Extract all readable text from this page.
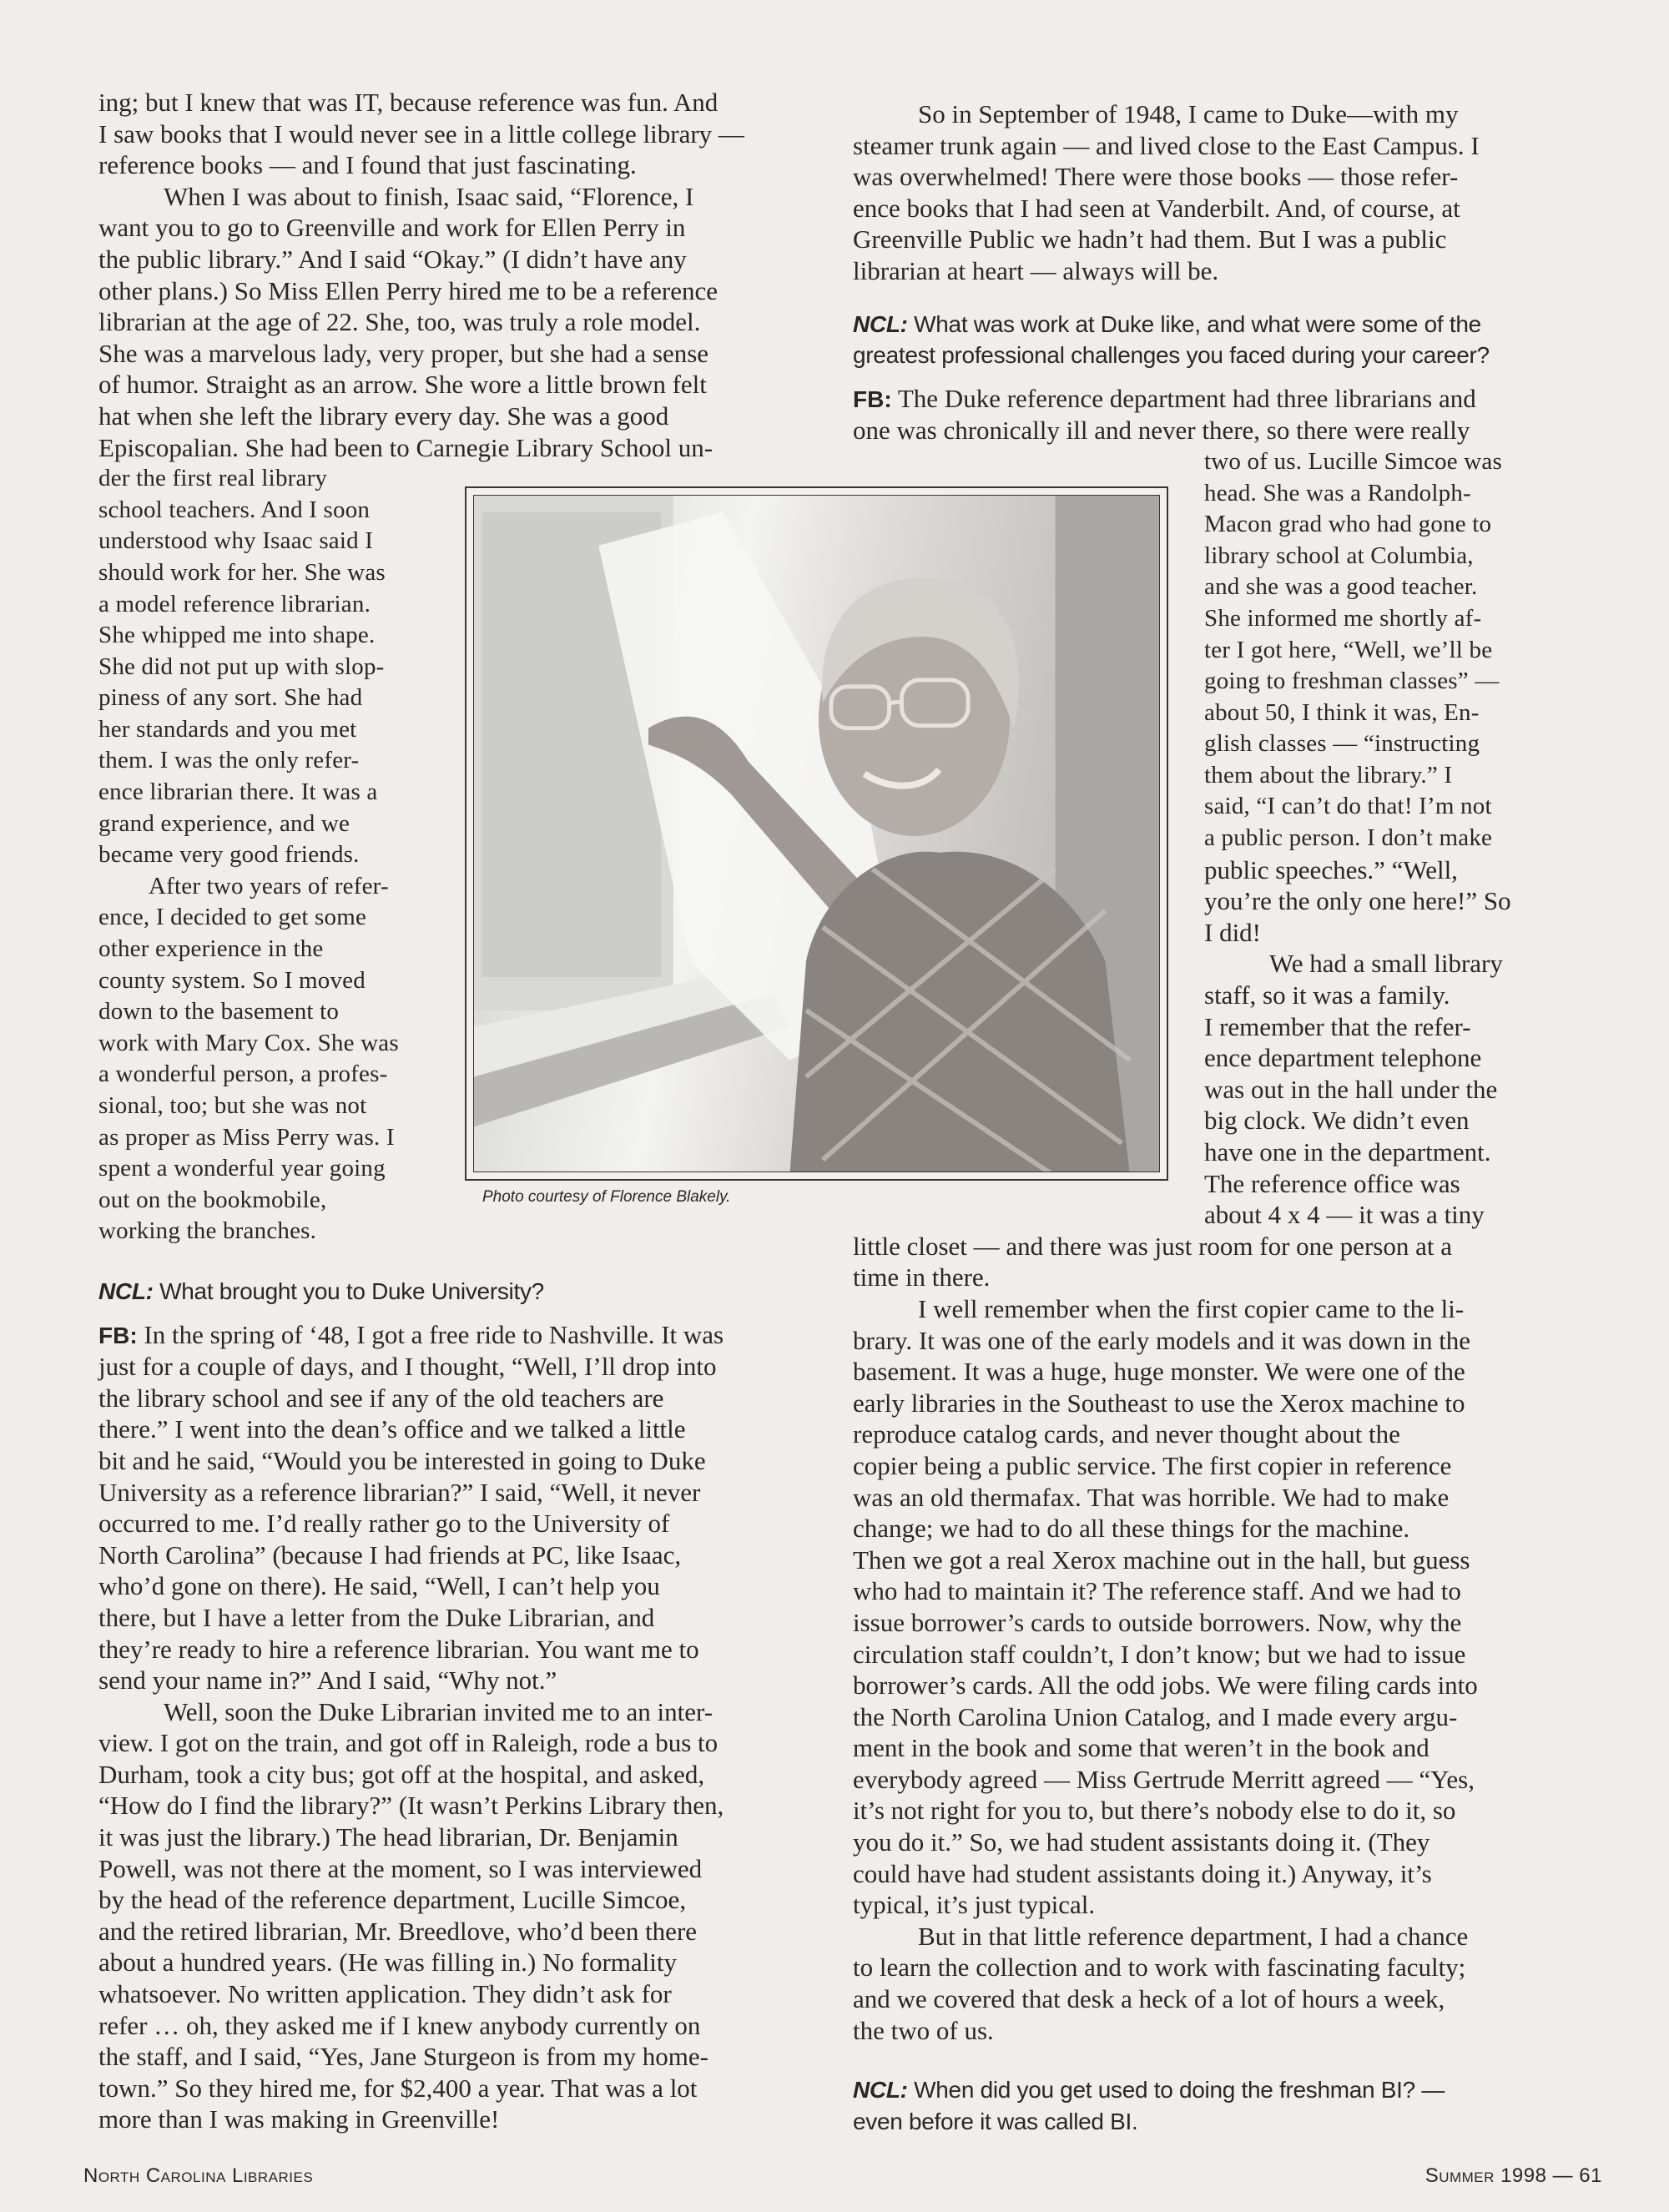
ing; but I knew that was IT, because reference was fun. And
I saw books that I would never see in a little college library —
reference books — and I found that just fascinating.
When I was about to finish, Isaac said, “Florence, I
want you to go to Greenville and work for Ellen Perry in
the public library.” And I said “Okay.” (I didn’t have any
other plans.) So Miss Ellen Perry hired me to be a reference
librarian at the age of 22. She, too, was truly a role model.
She was a marvelous lady, very proper, but she had a sense
of humor. Straight as an arrow. She wore a little brown felt
hat when she left the library every day. She was a good
Episcopalian. She had been to Carnegie Library School un-
der the first real library
school teachers. And I soon
understood why Isaac said I
should work for her. She was
a model reference librarian.
She whipped me into shape.
She did not put up with slop-
piness of any sort. She had
her standards and you met
them. I was the only refer-
ence librarian there. It was a
grand experience, and we
became very good friends.
After two years of refer-
ence, I decided to get some
other experience in the
county system. So I moved
down to the basement to
work with Mary Cox. She was
a wonderful person, a profes-
sional, too; but she was not
as proper as Miss Perry was. I
spent a wonderful year going
out on the bookmobile,
working the branches.
NCL: What brought you to Duke University?
FB: In the spring of ‘48, I got a free ride to Nashville. It was
just for a couple of days, and I thought, “Well, I’ll drop into
the library school and see if any of the old teachers are
there.” I went into the dean’s office and we talked a little
bit and he said, “Would you be interested in going to Duke
University as a reference librarian?” I said, “Well, it never
occurred to me. I’d really rather go to the University of
North Carolina” (because I had friends at PC, like Isaac,
who’d gone on there). He said, “Well, I can’t help you
there, but I have a letter from the Duke Librarian, and
they’re ready to hire a reference librarian. You want me to
send your name in?” And I said, “Why not.”
Well, soon the Duke Librarian invited me to an inter-
view. I got on the train, and got off in Raleigh, rode a bus to
Durham, took a city bus; got off at the hospital, and asked,
“How do I find the library?” (It wasn’t Perkins Library then,
it was just the library.) The head librarian, Dr. Benjamin
Powell, was not there at the moment, so I was interviewed
by the head of the reference department, Lucille Simcoe,
and the retired librarian, Mr. Breedlove, who’d been there
about a hundred years. (He was filling in.) No formality
whatsoever. No written application. They didn’t ask for
refer … oh, they asked me if I knew anybody currently on
the staff, and I said, “Yes, Jane Sturgeon is from my home-
town.” So they hired me, for $2,400 a year. That was a lot
more than I was making in Greenville!
Photo courtesy of Florence Blakely.
So in September of 1948, I came to Duke—with my
steamer trunk again — and lived close to the East Campus. I
was overwhelmed! There were those books — those refer-
ence books that I had seen at Vanderbilt. And, of course, at
Greenville Public we hadn’t had them. But I was a public
librarian at heart — always will be.
NCL: What was work at Duke like, and what were some of the
greatest professional challenges you faced during your career?
FB: The Duke reference department had three librarians and
one was chronically ill and never there, so there were really
two of us. Lucille Simcoe was
head. She was a Randolph-
Macon grad who had gone to
library school at Columbia,
and she was a good teacher.
She informed me shortly af-
ter I got here, “Well, we’ll be
going to freshman classes” —
about 50, I think it was, En-
glish classes — “instructing
them about the library.” I
said, “I can’t do that! I’m not
a public person. I don’t make
public speeches.” “Well,
you’re the only one here!” So
I did!
We had a small library
staff, so it was a family.
I remember that the refer-
ence department telephone
was out in the hall under the
big clock. We didn’t even
have one in the department.
The reference office was
about 4 x 4 — it was a tiny
little closet — and there was just room for one person at a
time in there.
I well remember when the first copier came to the li-
brary. It was one of the early models and it was down in the
basement. It was a huge, huge monster. We were one of the
early libraries in the Southeast to use the Xerox machine to
reproduce catalog cards, and never thought about the
copier being a public service. The first copier in reference
was an old thermafax. That was horrible. We had to make
change; we had to do all these things for the machine.
Then we got a real Xerox machine out in the hall, but guess
who had to maintain it? The reference staff. And we had to
issue borrower’s cards to outside borrowers. Now, why the
circulation staff couldn’t, I don’t know; but we had to issue
borrower’s cards. All the odd jobs. We were filing cards into
the North Carolina Union Catalog, and I made every argu-
ment in the book and some that weren’t in the book and
everybody agreed — Miss Gertrude Merritt agreed — “Yes,
it’s not right for you to, but there’s nobody else to do it, so
you do it.” So, we had student assistants doing it. (They
could have had student assistants doing it.) Anyway, it’s
typical, it’s just typical.
But in that little reference department, I had a chance
to learn the collection and to work with fascinating faculty;
and we covered that desk a heck of a lot of hours a week,
the two of us.
NCL: When did you get used to doing the freshman BI? —
even before it was called BI.
North Carolina Libraries	Summer 1998 — 61
